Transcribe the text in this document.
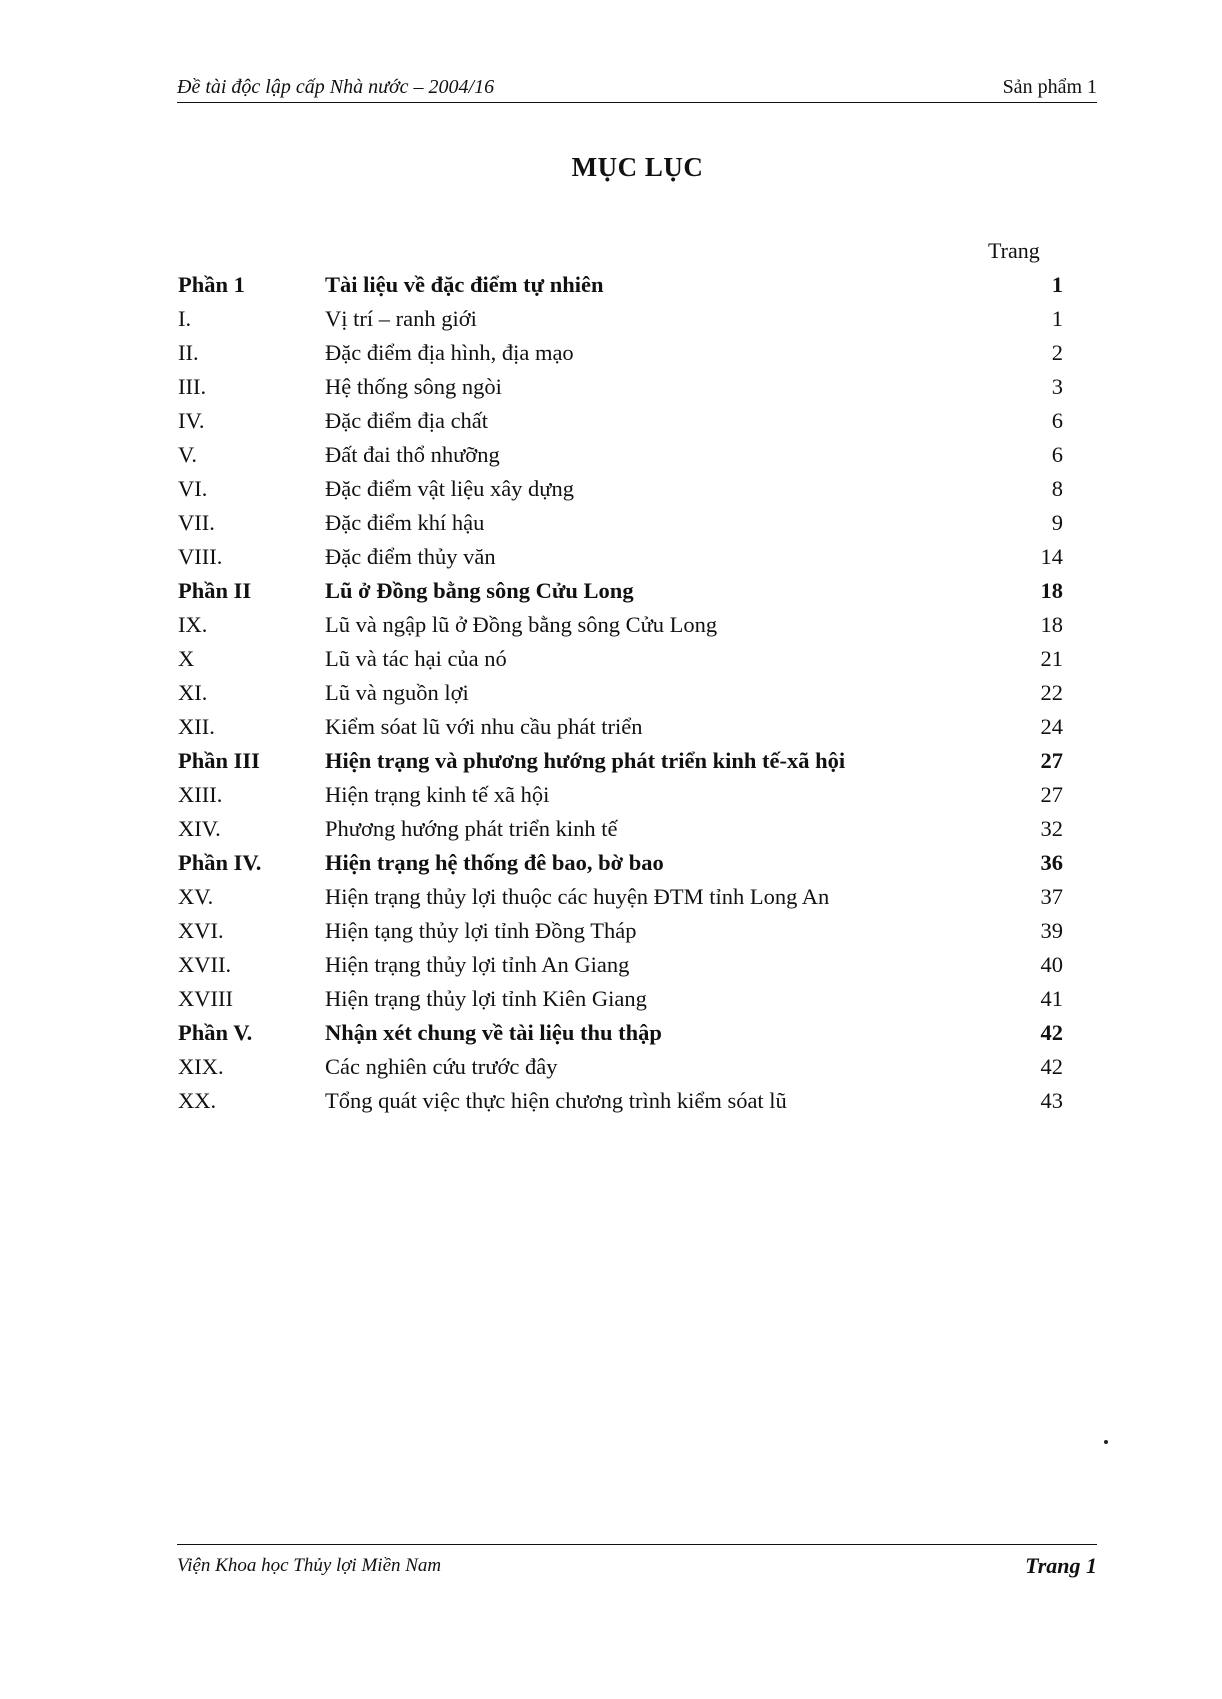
Đề tài độc lập cấp Nhà nước – 2004/16	Sản phẩm 1
MỤC LỤC
Trang
Phần 1	Tài liệu về đặc điểm tự nhiên	1
I.	Vị trí – ranh giới	1
II.	Đặc điểm địa hình, địa mạo	2
III.	Hệ thống sông ngòi	3
IV.	Đặc điểm địa chất	6
V.	Đất đai thổ nhưỡng	6
VI.	Đặc điểm vật liệu xây dựng	8
VII.	Đặc điểm khí hậu	9
VIII.	Đặc điểm thủy văn	14
Phần II	Lũ ở Đồng bằng sông Cửu Long	18
IX.	Lũ và ngập lũ ở Đồng bằng sông Cửu Long	18
X	Lũ và tác hại của nó	21
XI.	Lũ và nguồn lợi	22
XII.	Kiểm sóat lũ với nhu cầu phát triển	24
Phần III	Hiện trạng và phương hướng phát triển kinh tế-xã hội	27
XIII.	Hiện trạng kinh tế xã hội	27
XIV.	Phương hướng phát triển kinh tế	32
Phần IV.	Hiện trạng hệ thống đê bao, bờ bao	36
XV.	Hiện trạng thủy lợi thuộc các huyện ĐTM tỉnh Long An	37
XVI.	Hiện tạng thủy lợi tỉnh Đồng Tháp	39
XVII.	Hiện trạng thủy lợi tỉnh An Giang	40
XVIII	Hiện trạng thủy lợi tỉnh Kiên Giang	41
Phần V.	Nhận xét chung về tài liệu thu thập	42
XIX.	Các nghiên cứu trước đây	42
XX.	Tổng quát việc thực hiện chương trình kiểm sóat lũ	43
Viện Khoa học Thủy lợi Miền Nam	Trang 1
